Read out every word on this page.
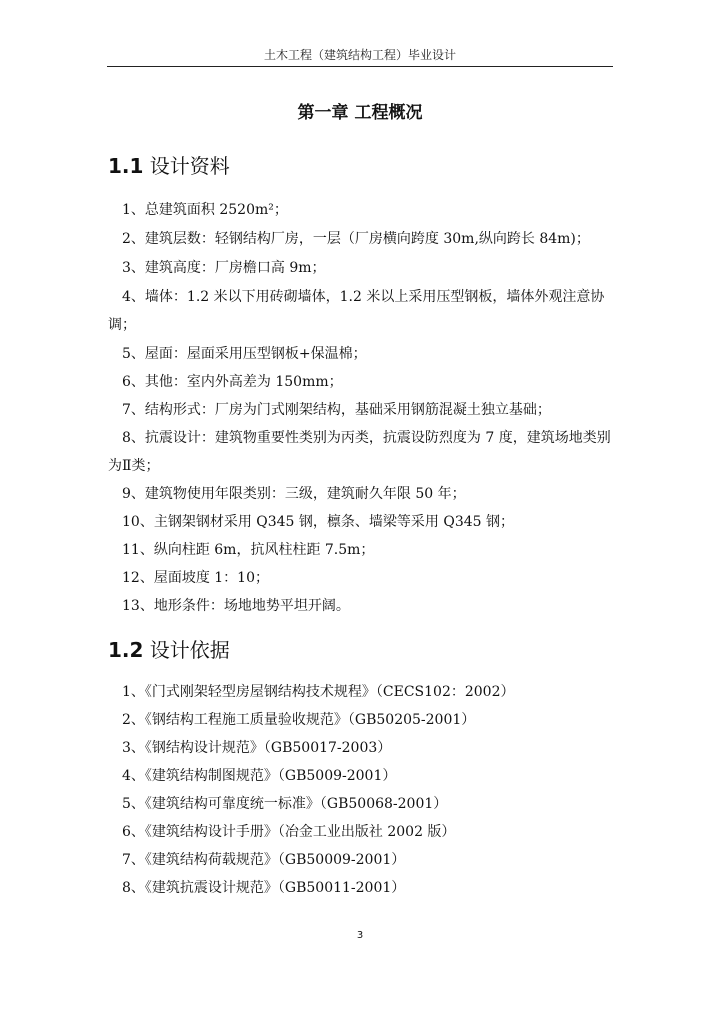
土木工程（建筑结构工程）毕业设计
第一章 工程概况
1.1 设计资料
1、总建筑面积 2520m²；
2、建筑层数：轻钢结构厂房，一层（厂房横向跨度 30m,纵向跨长 84m)；
3、建筑高度：厂房檐口高 9m；
4、墙体：1.2 米以下用砖砌墙体，1.2 米以上采用压型钢板，墙体外观注意协调；
5、屋面：屋面采用压型钢板+保温棉；
6、其他：室内外高差为 150mm；
7、结构形式：厂房为门式刚架结构，基础采用钢筋混凝土独立基础；
8、抗震设计：建筑物重要性类别为丙类，抗震设防烈度为 7 度，建筑场地类别为Ⅱ类；
9、建筑物使用年限类别：三级，建筑耐久年限 50 年；
10、主钢架钢材采用 Q345 钢，檩条、墙梁等采用 Q345 钢；
11、纵向柱距 6m，抗风柱柱距 7.5m；
12、屋面坡度 1：10；
13、地形条件：场地地势平坦开阔。
1.2 设计依据
1、《门式刚架轻型房屋钢结构技术规程》（CECS102：2002）
2、《钢结构工程施工质量验收规范》（GB50205-2001）
3、《钢结构设计规范》（GB50017-2003）
4、《建筑结构制图规范》（GB5009-2001）
5、《建筑结构可靠度统一标准》（GB50068-2001）
6、《建筑结构设计手册》（冶金工业出版社 2002 版）
7、《建筑结构荷载规范》（GB50009-2001）
8、《建筑抗震设计规范》（GB50011-2001）
3
